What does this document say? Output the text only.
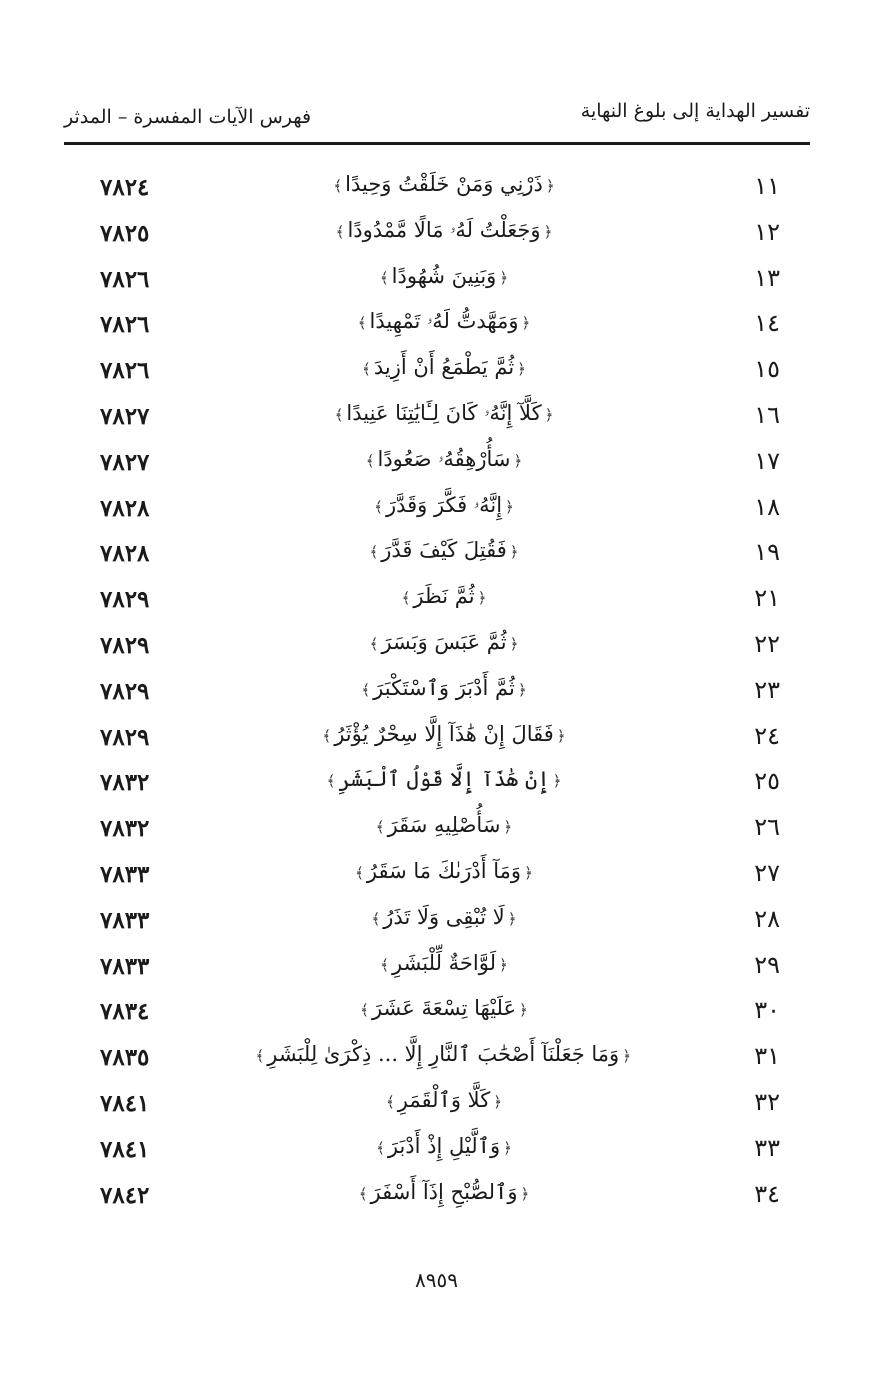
تفسير الهداية إلى بلوغ النهاية
فهرس الآيات المفسرة – المدثر
١١
﴿ذَرْنِي وَمَنْ خَلَقْتُ وَحِيدًا﴾
٧٨٢٤
١٢
﴿وَجَعَلْتُ لَهُۥ مَالًا مَّمْدُودًا﴾
٧٨٢٥
١٣
﴿وَبَنِينَ شُهُودًا﴾
٧٨٢٦
١٤
﴿وَمَهَّدتُّ لَهُۥ تَمْهِيدًا﴾
٧٨٢٦
١٥
﴿ثُمَّ يَطْمَعُ أَنْ أَزِيدَ﴾
٧٨٢٦
١٦
﴿كَلَّآ إِنَّهُۥ كَانَ لِـَٔايَٰتِنَا عَنِيدًا﴾
٧٨٢٧
١٧
﴿سَأُرْهِقُهُۥ صَعُودًا﴾
٧٨٢٧
١٨
﴿إِنَّهُۥ فَكَّرَ وَقَدَّرَ﴾
٧٨٢٨
١٩
﴿فَقُتِلَ كَيْفَ قَدَّرَ﴾
٧٨٢٨
٢١
﴿ثُمَّ نَظَرَ﴾
٧٨٢٩
٢٢
﴿ثُمَّ عَبَسَ وَبَسَرَ﴾
٧٨٢٩
٢٣
﴿ثُمَّ أَدْبَرَ وَٱسْتَكْبَرَ﴾
٧٨٢٩
٢٤
﴿فَقَالَ إِنْ هَٰذَآ إِلَّا سِحْرٌ يُؤْثَرُ﴾
٧٨٢٩
٢٥
﴿إِنْ هَٰذَآ إِلَّا قَوْلُ ٱلْبَشَرِ﴾
٧٨٣٢
٢٦
﴿سَأُصْلِيهِ سَقَرَ﴾
٧٨٣٢
٢٧
﴿وَمَآ أَدْرَىٰكَ مَا سَقَرُ﴾
٧٨٣٣
٢٨
﴿لَا تُبْقِى وَلَا تَذَرُ﴾
٧٨٣٣
٢٩
﴿لَوَّاحَةٌ لِّلْبَشَرِ﴾
٧٨٣٣
٣٠
﴿عَلَيْهَا تِسْعَةَ عَشَرَ﴾
٧٨٣٤
٣١
﴿وَمَا جَعَلْنَآ أَصْحَٰبَ ٱلنَّارِ إِلَّا ... ذِكْرَىٰ لِلْبَشَرِ﴾
٧٨٣٥
٣٢
﴿كَلَّا وَٱلْقَمَرِ﴾
٧٨٤١
٣٣
﴿وَٱلَّيْلِ إِذْ أَدْبَرَ﴾
٧٨٤١
٣٤
﴿وَٱلصُّبْحِ إِذَآ أَسْفَرَ﴾
٧٨٤٢
٨٩٥٩
